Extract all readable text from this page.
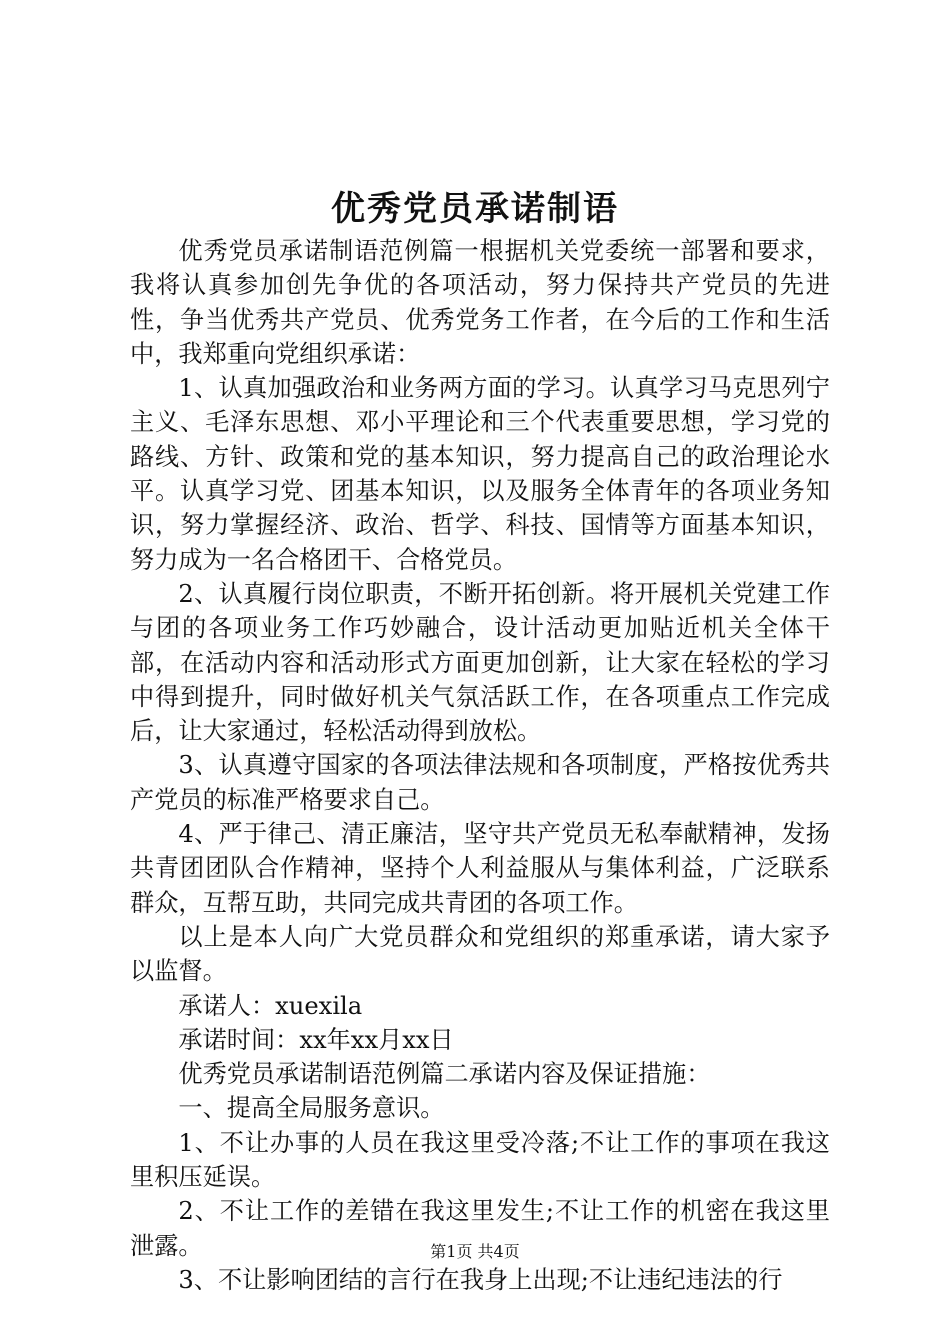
优秀党员承诺制语

优秀党员承诺制语范例篇一根据机关党委统一部署和要求，我将认真参加创先争优的各项活动，努力保持共产党员的先进性，争当优秀共产党员、优秀党务工作者，在今后的工作和生活中，我郑重向党组织承诺：

1、认真加强政治和业务两方面的学习。认真学习马克思列宁主义、毛泽东思想、邓小平理论和三个代表重要思想，学习党的路线、方针、政策和党的基本知识，努力提高自己的政治理论水平。认真学习党、团基本知识，以及服务全体青年的各项业务知识，努力掌握经济、政治、哲学、科技、国情等方面基本知识，努力成为一名合格团干、合格党员。

2、认真履行岗位职责，不断开拓创新。将开展机关党建工作与团的各项业务工作巧妙融合，设计活动更加贴近机关全体干部，在活动内容和活动形式方面更加创新，让大家在轻松的学习中得到提升，同时做好机关气氛活跃工作，在各项重点工作完成后，让大家通过，轻松活动得到放松。

3、认真遵守国家的各项法律法规和各项制度，严格按优秀共产党员的标准严格要求自己。

4、严于律己、清正廉洁，坚守共产党员无私奉献精神，发扬共青团团队合作精神，坚持个人利益服从与集体利益，广泛联系群众，互帮互助，共同完成共青团的各项工作。

以上是本人向广大党员群众和党组织的郑重承诺，请大家予以监督。

承诺人：xuexila

承诺时间：xx年xx月xx日

优秀党员承诺制语范例篇二承诺内容及保证措施：

一、提高全局服务意识。

1、不让办事的人员在我这里受冷落;不让工作的事项在我这里积压延误。

2、不让工作的差错在我这里发生;不让工作的机密在我这里泄露。

3、不让影响团结的言行在我身上出现;不让违纪违法的行

第1页 共4页
